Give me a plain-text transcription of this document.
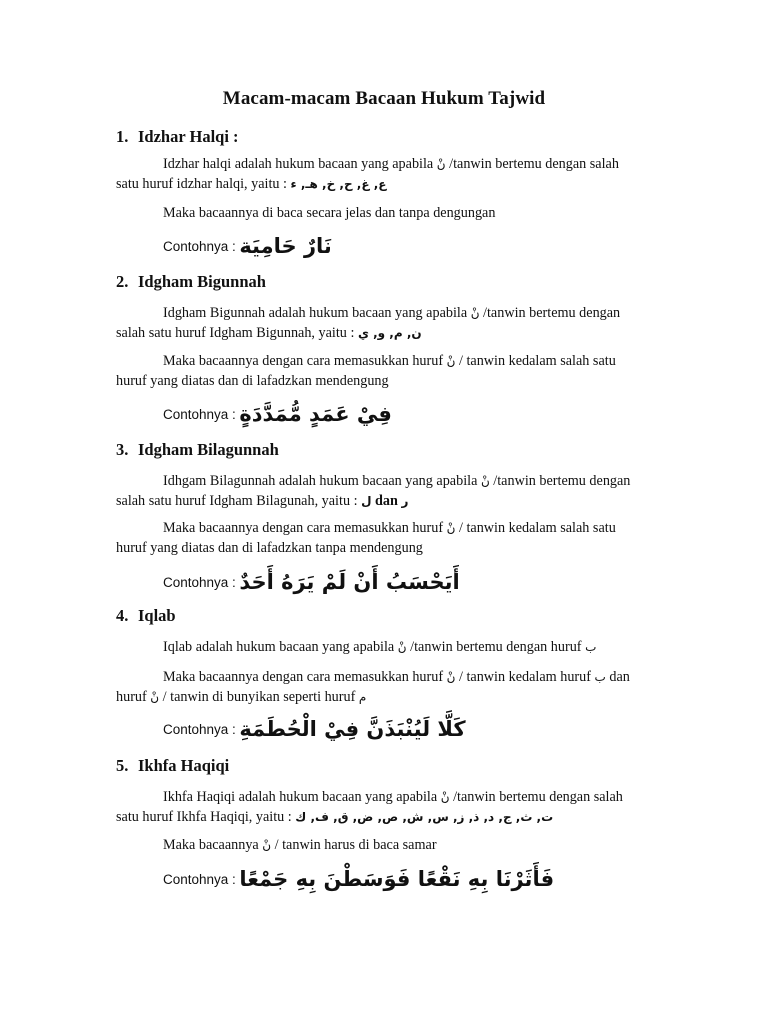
Macam-macam Bacaan Hukum Tajwid
1. Idzhar Halqi :
Idzhar halqi adalah hukum bacaan yang apabila نْ /tanwin bertemu dengan salah
satu huruf idzhar halqi, yaitu : ع, غ, ح, خ, هـ, ء
Maka bacaannya di baca secara jelas dan tanpa dengungan
Contohnya : نَارٌ حَامِيَة
2. Idgham Bigunnah
Idgham Bigunnah adalah hukum bacaan yang apabila نْ /tanwin bertemu dengan
salah satu huruf Idgham Bigunnah, yaitu : ن, م, و, ي
Maka bacaannya dengan cara memasukkan huruf نْ / tanwin kedalam salah satu
huruf yang diatas dan di lafadzkan mendengung
Contohnya : فِيْ عَمَدٍ مُّمَدَّدَةٍ
3. Idgham Bilagunnah
Idhgam Bilagunnah adalah hukum bacaan yang apabila نْ /tanwin bertemu dengan
salah satu huruf Idgham Bilagunah, yaitu : ل dan ر
Maka bacaannya dengan cara memasukkan huruf نْ / tanwin kedalam salah satu
huruf yang diatas dan di lafadzkan tanpa mendengung
Contohnya : أَيَحْسَبُ أَنْ لَمْ يَرَهُ أَحَدٌ
4. Iqlab
Iqlab adalah hukum bacaan yang apabila نْ /tanwin bertemu dengan huruf ب
Maka bacaannya dengan cara memasukkan huruf نْ / tanwin kedalam huruf ب dan
huruf نْ / tanwin di bunyikan seperti huruf م
Contohnya : كَلَّا لَيُنْبَذَنَّ فِيْ الْحُطَمَةِ
5. Ikhfa Haqiqi
Ikhfa Haqiqi adalah hukum bacaan yang apabila نْ /tanwin bertemu dengan salah
satu huruf Ikhfa Haqiqi, yaitu : ت, ث, ج, د, ذ, ز, س, ش, ص, ض, ق, ف, ك
Maka bacaannya نْ / tanwin harus di baca samar
Contohnya : فَأَثَرْنَا بِهِ نَقْعًا فَوَسَطْنَ بِهِ جَمْعًا
